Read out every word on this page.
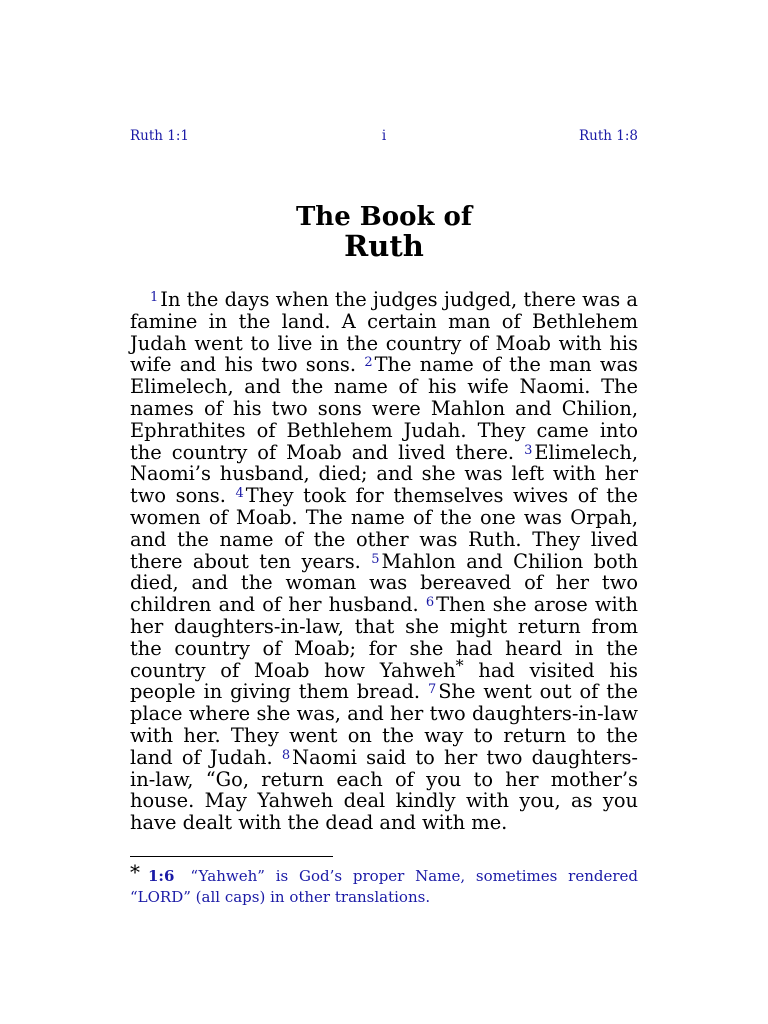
Ruth 1:1	i	Ruth 1:8
The Book of
Ruth

$^1$ In the days when the judges judged, there was a famine in the land. A certain man of Bethlehem Judah went to live in the country of Moab with his wife and his two sons. $^2$ The name of the man was Elimelech, and the name of his wife Naomi. The names of his two sons were Mahlon and Chilion, Ephrathites of Bethlehem Judah. They came into the country of Moab and lived there. $^3$ Elimelech, Naomi’s husband, died; and she was left with her two sons. $^4$ They took for themselves wives of the women of Moab. The name of the one was Orpah, and the name of the other was Ruth. They lived there about ten years. $^5$ Mahlon and Chilion both died, and the woman was bereaved of her two children and of her husband. $^6$ Then she arose with her daughters-in-law, that she might return from the country of Moab; for she had heard in the country of Moab how Yahweh* had visited his people in giving them bread. $^7$ She went out of the place where she was, and her two daughters-in-law with her. They went on the way to return to the land of Judah. $^8$ Naomi said to her two daughters-in-law, “Go, return each of you to her mother’s house. May Yahweh deal kindly with you, as you have dealt with the dead and with me.

* 1:6 “Yahweh” is God’s proper Name, sometimes rendered “LORD” (all caps) in other translations.
